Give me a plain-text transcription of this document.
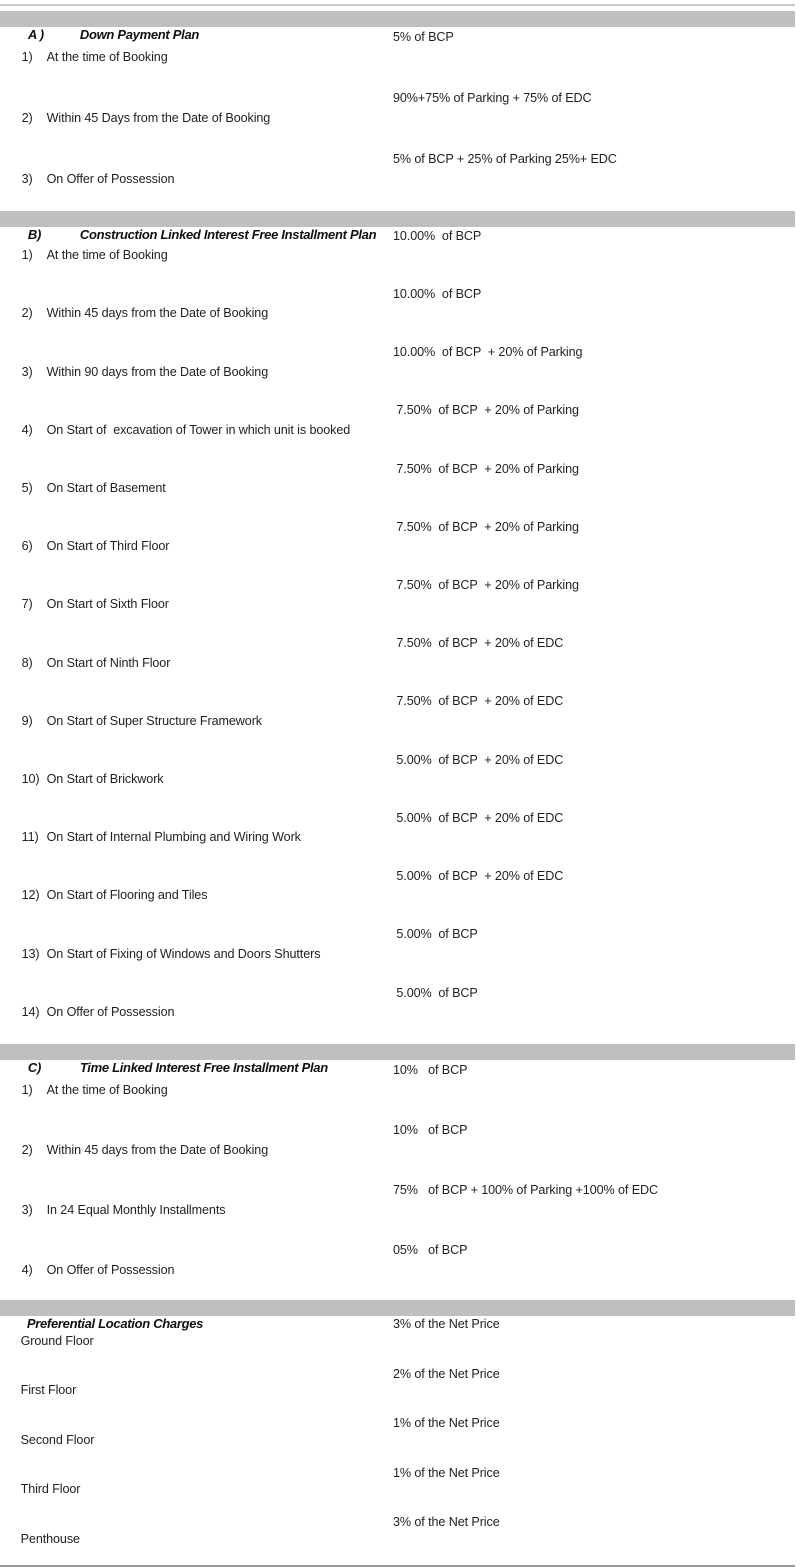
A )	Down Payment Plan

1) At the time of Booking
5% of BCP

2) Within 45 Days from the Date of Booking
90%+75% of Parking + 75% of EDC

3) On Offer of Possession
5% of BCP + 25% of Parking 25%+ EDC

B)	Construction Linked Interest Free Installment Plan

1) At the time of Booking
10.00%  of BCP

2) Within 45 days from the Date of Booking
10.00%  of BCP

3) Within 90 days from the Date of Booking
10.00%  of BCP  + 20% of Parking

4) On Start of  excavation of Tower in which unit is booked
7.50%  of BCP  + 20% of Parking

5) On Start of Basement
7.50%  of BCP  + 20% of Parking

6) On Start of Third Floor
7.50%  of BCP  + 20% of Parking

7) On Start of Sixth Floor
7.50%  of BCP  + 20% of Parking

8) On Start of Ninth Floor
7.50%  of BCP  + 20% of EDC

9) On Start of Super Structure Framework
7.50%  of BCP  + 20% of EDC

10) On Start of Brickwork
5.00%  of BCP  + 20% of EDC

11) On Start of Internal Plumbing and Wiring Work
5.00%  of BCP  + 20% of EDC

12) On Start of Flooring and Tiles
5.00%  of BCP  + 20% of EDC

13) On Start of Fixing of Windows and Doors Shutters
5.00%  of BCP

14) On Offer of Possession
5.00%  of BCP

C)	Time Linked Interest Free Installment Plan

1) At the time of Booking
10%   of BCP

2) Within 45 days from the Date of Booking
10%   of BCP

3) In 24 Equal Monthly Installments
75%   of BCP + 100% of Parking +100% of EDC

4) On Offer of Possession
05%   of BCP

Preferential Location Charges

Ground Floor
3% of the Net Price

First Floor
2% of the Net Price

Second Floor
1% of the Net Price

Third Floor
1% of the Net Price

Penthouse
3% of the Net Price
